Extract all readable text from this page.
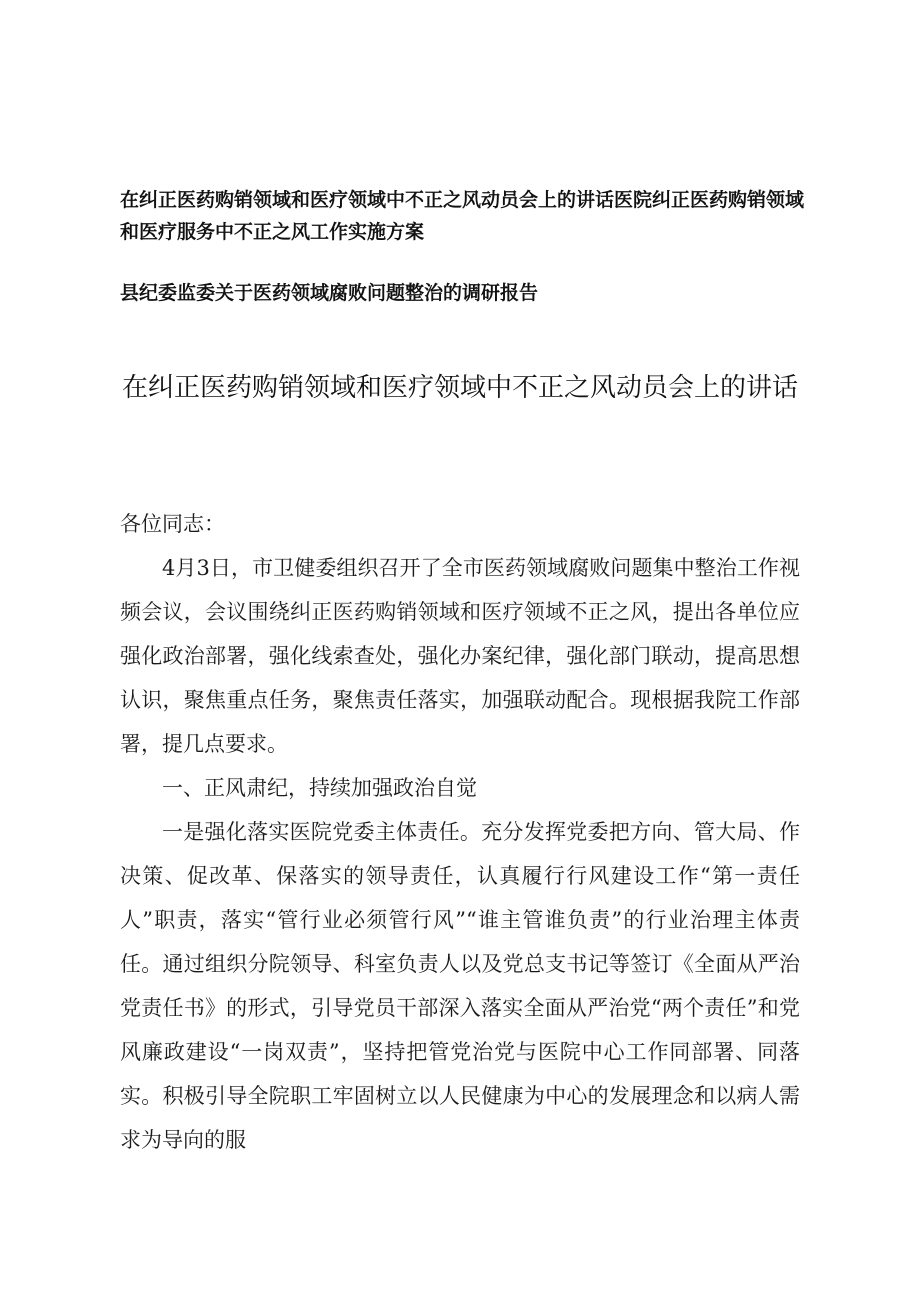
在纠正医药购销领域和医疗领域中不正之风动员会上的讲话医院纠正医药购销领域和医疗服务中不正之风工作实施方案

县纪委监委关于医药领域腐败问题整治的调研报告

在纠正医药购销领域和医疗领域中不正之风动员会上的讲话

各位同志：

4月3日，市卫健委组织召开了全市医药领域腐败问题集中整治工作视频会议，会议围绕纠正医药购销领域和医疗领域不正之风，提出各单位应强化政治部署，强化线索查处，强化办案纪律，强化部门联动，提高思想认识，聚焦重点任务，聚焦责任落实，加强联动配合。现根据我院工作部署，提几点要求。

一、正风肃纪，持续加强政治自觉

一是强化落实医院党委主体责任。充分发挥党委把方向、管大局、作决策、促改革、保落实的领导责任，认真履行行风建设工作“第一责任人”职责，落实“管行业必须管行风”“谁主管谁负责”的行业治理主体责任。通过组织分院领导、科室负责人以及党总支书记等签订《全面从严治党责任书》的形式，引导党员干部深入落实全面从严治党“两个责任”和党风廉政建设“一岗双责”，坚持把管党治党与医院中心工作同部署、同落实。积极引导全院职工牢固树立以人民健康为中心的发展理念和以病人需求为导向的服
